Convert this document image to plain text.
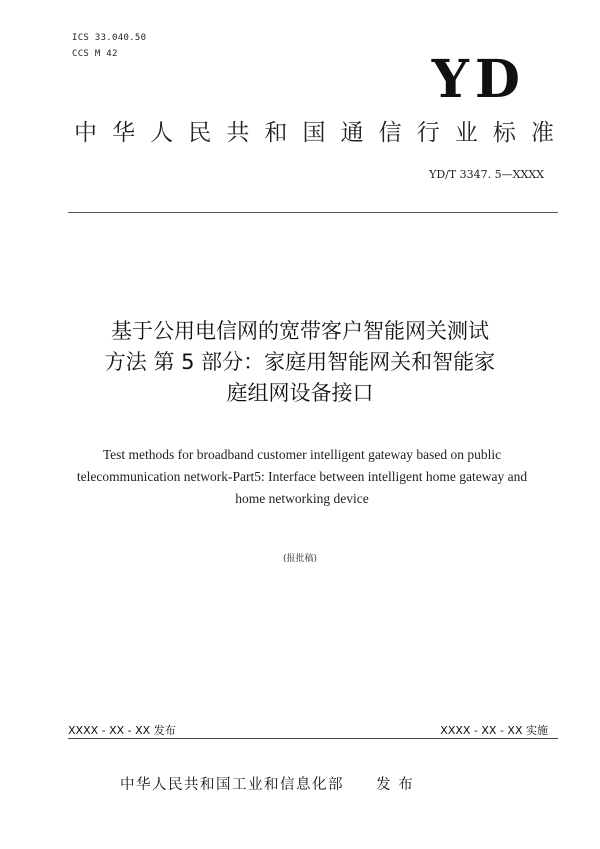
ICS 33.040.50
CCS M 42	YD
中华人民共和国通信行业标准
YD/T 3347. 5—XXXX
基于公用电信网的宽带客户智能网关测试
方法 第 5 部分：家庭用智能网关和智能家
庭组网设备接口
Test methods for broadband customer intelligent gateway based on public
telecommunication network-Part5: Interface between intelligent home gateway and
home networking device
(报批稿)
XXXX - XX - XX 发布	XXXX - XX - XX 实施
中华人民共和国工业和信息化部 发 布
